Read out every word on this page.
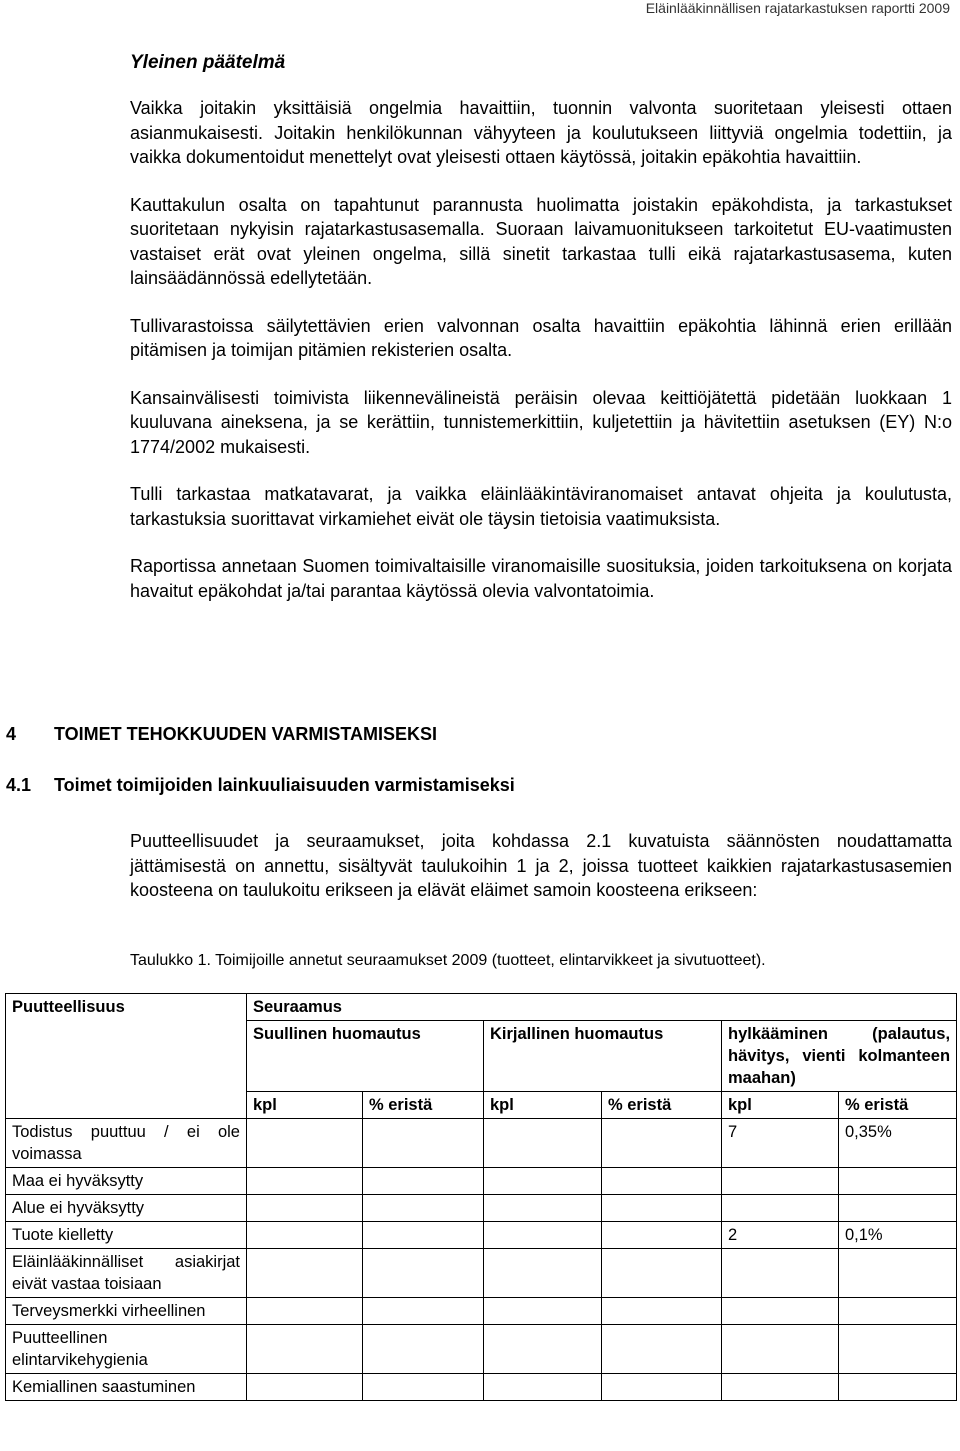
Eläinlääkinnällisen rajatarkastuksen raportti 2009
Yleinen päätelmä

Vaikka joitakin yksittäisiä ongelmia havaittiin, tuonnin valvonta suoritetaan yleisesti ottaen asianmukaisesti. Joitakin henkilökunnan vähyyteen ja koulutukseen liittyviä ongelmia todettiin, ja vaikka dokumentoidut menettelyt ovat yleisesti ottaen käytössä, joitakin epäkohtia havaittiin.

Kauttakulun osalta on tapahtunut parannusta huolimatta joistakin epäkohdista, ja tarkastukset suoritetaan nykyisin rajatarkastusasemalla. Suoraan laivamuonitukseen tarkoitetut EU-vaatimusten vastaiset erät ovat yleinen ongelma, sillä sinetit tarkastaa tulli eikä rajatarkastusasema, kuten lainsäädännössä edellytetään.

Tullivarastoissa säilytettävien erien valvonnan osalta havaittiin epäkohtia lähinnä erien erillään pitämisen ja toimijan pitämien rekisterien osalta.

Kansainvälisesti toimivista liikennevälineistä peräisin olevaa keittiöjätettä pidetään luokkaan 1 kuuluvana aineksena, ja se kerättiin, tunnistemerkittiin, kuljetettiin ja hävitettiin asetuksen (EY) N:o 1774/2002 mukaisesti.

Tulli tarkastaa matkatavarat, ja vaikka eläinlääkintäviranomaiset antavat ohjeita ja koulutusta, tarkastuksia suorittavat virkamiehet eivät ole täysin tietoisia vaatimuksista.

Raportissa annetaan Suomen toimivaltaisille viranomaisille suosituksia, joiden tarkoituksena on korjata havaitut epäkohdat ja/tai parantaa käytössä olevia valvontatoimia.

4 TOIMET TEHOKKUUDEN VARMISTAMISEKSI
4.1 Toimet toimijoiden lainkuuliaisuuden varmistamiseksi

Puutteellisuudet ja seuraamukset, joita kohdassa 2.1 kuvatuista säännösten noudattamatta jättämisestä on annettu, sisältyvät taulukoihin 1 ja 2, joissa tuotteet kaikkien rajatarkastusasemien koosteena on taulukoitu erikseen ja elävät eläimet samoin koosteena erikseen:

Taulukko 1. Toimijoille annetut seuraamukset 2009 (tuotteet, elintarvikkeet ja sivutuotteet).

Puutteellisuus	Seuraamus					
	Suullinen huomautus		Kirjallinen huomautus		hylkääminen (palautus, hävitys, vienti kolmanteen maahan)	
	kpl	% eristä	kpl	% eristä	kpl	% eristä
Todistus puuttuu / ei ole voimassa					7	0,35%
Maa ei hyväksytty						
Alue ei hyväksytty						
Tuote kielletty					2	0,1%
Eläinlääkinnälliset asiakirjat eivät vastaa toisiaan						
Terveysmerkki virheellinen						
Puutteellinen elintarvikehygienia						
Kemiallinen saastuminen						
